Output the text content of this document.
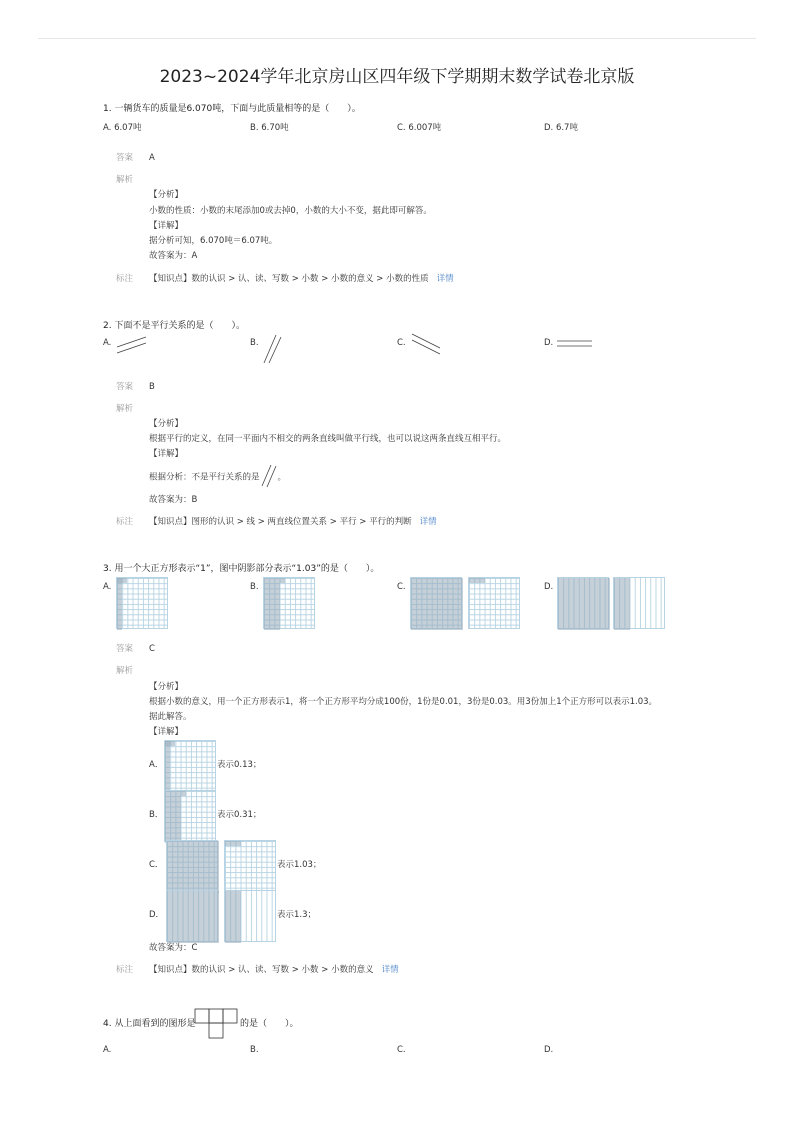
2023~2024学年北京房山区四年级下学期期末数学试卷北京版
1. 一辆货车的质量是6.070吨，下面与此质量相等的是（　　）。
A. 6.07吨	B. 6.70吨	C. 6.007吨	D. 6.7吨
答案 A
解析
【分析】
小数的性质：小数的末尾添加0或去掉0，小数的大小不变，据此即可解答。
【详解】
据分析可知，6.070吨＝6.07吨。
故答案为：A
标注 【知识点】数的认识 > 认、读、写数 > 小数 > 小数的意义 > 小数的性质 详情
2. 下面不是平行关系的是（　　）。
A.	B.	C.	D.
答案 B
解析
【分析】
根据平行的定义，在同一平面内不相交的两条直线叫做平行线，也可以说这两条直线互相平行。
【详解】
根据分析：不是平行关系的是 。
故答案为：B
标注 【知识点】图形的认识 > 线 > 两直线位置关系 > 平行 > 平行的判断 详情
3. 用一个大正方形表示“1”，图中阴影部分表示“1.03”的是（　　）。
A.	B.	C.	D.
答案 C
解析
【分析】
根据小数的意义，用一个正方形表示1，将一个正方形平均分成100份，1份是0.01，3份是0.03。用3份加上1个正方形可以表示1.03。
据此解答。
【详解】
A．	表示0.13；
B．	表示0.31；
C．	表示1.03；
D．	表示1.3；
故答案为：C
标注 【知识点】数的认识 > 认、读、写数 > 小数 > 小数的意义 详情
4. 从上面看到的图形是	的是（　　）。
A.	B.	C.	D.
